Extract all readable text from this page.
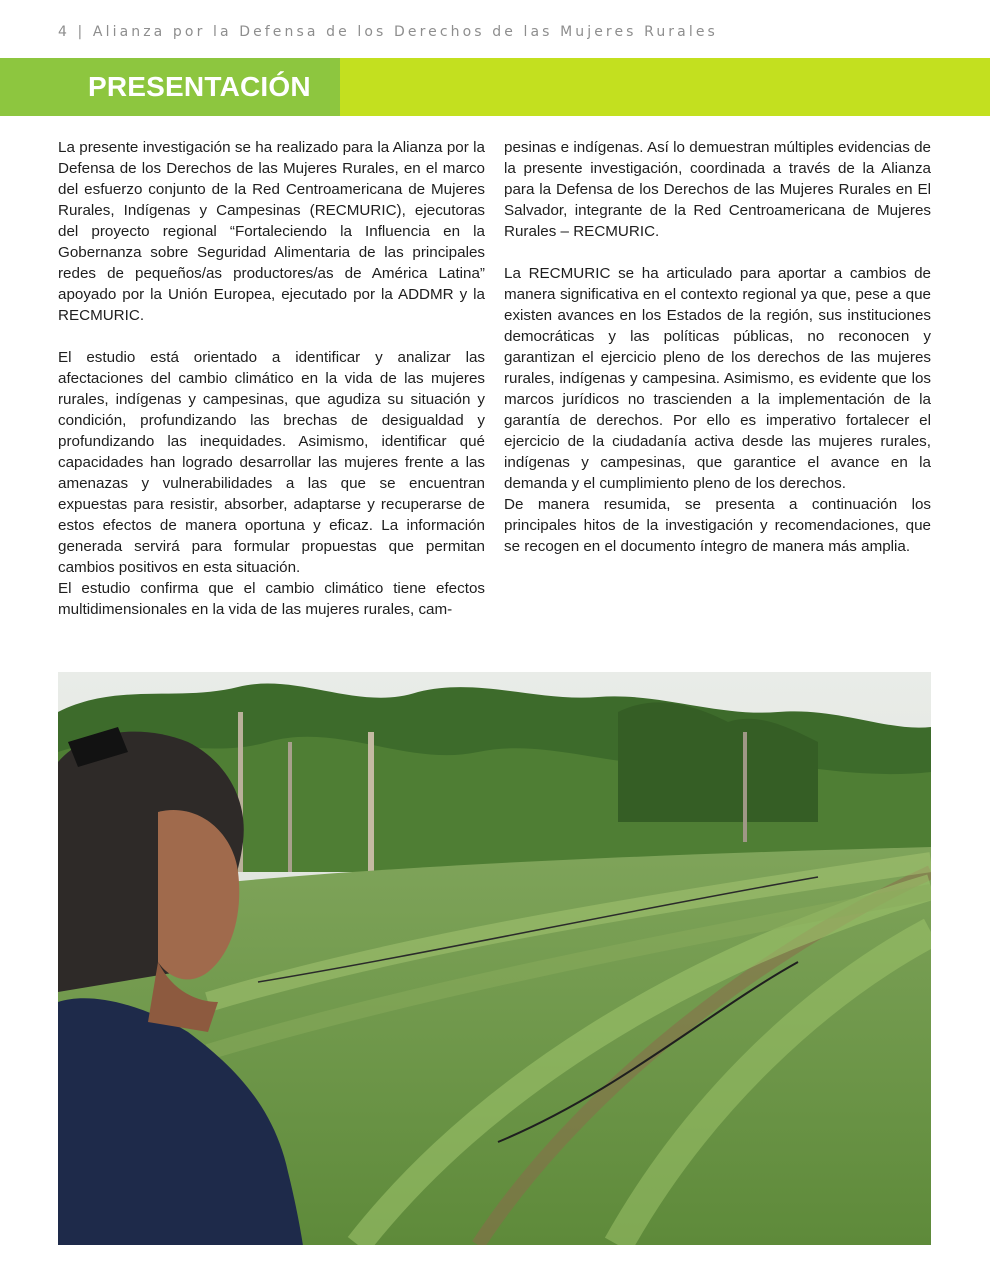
4 | Alianza por la Defensa de los Derechos de las Mujeres Rurales
PRESENTACIÓN

La presente investigación se ha realizado para la Alianza por la Defensa de los Derechos de las Mujeres Rurales, en el marco del esfuerzo conjunto de la Red Centroamericana de Mujeres Rurales, Indígenas y Campesinas (RECMURIC), ejecutoras del proyecto regional “Fortaleciendo la Influencia en la Gobernanza sobre Seguridad Alimentaria de las principales redes de pequeños/as productores/as de América Latina” apoyado por la Unión Europea, ejecutado por la ADDMR y la RECMURIC.

El estudio está orientado a identificar y analizar las afectaciones del cambio climático en la vida de las mujeres rurales, indígenas y campesinas, que agudiza su situación y condición, profundizando las brechas de desigualdad y profundizando las inequidades. Asimismo, identificar qué capacidades han logrado desarrollar las mujeres frente a las amenazas y vulnerabilidades a las que se encuentran expuestas para resistir, absorber, adaptarse y recuperarse de estos efectos de manera oportuna y eficaz. La información generada servirá para formular propuestas que permitan cambios positivos en esta situación.

El estudio confirma que el cambio climático tiene efectos multidimensionales en la vida de las mujeres rurales, cam-

pesinas e indígenas. Así lo demuestran múltiples evidencias de la presente investigación, coordinada a través de la Alianza para la Defensa de los Derechos de las Mujeres Rurales en El Salvador, integrante de la Red Centroamericana de Mujeres Rurales – RECMURIC.

La RECMURIC se ha articulado para aportar a cambios de manera significativa en el contexto regional ya que, pese a que existen avances en los Estados de la región, sus instituciones democráticas y las políticas públicas, no reconocen y garantizan el ejercicio pleno de los derechos de las mujeres rurales, indígenas y campesina. Asimismo, es evidente que los marcos jurídicos no trascienden a la implementación de la garantía de derechos. Por ello es imperativo fortalecer el ejercicio de la ciudadanía activa desde las mujeres rurales, indígenas y campesinas, que garantice el avance en la demanda y el cumplimiento pleno de los derechos.

De manera resumida, se presenta a continuación los principales hitos de la investigación y recomendaciones, que se recogen en el documento íntegro de manera más amplia.
